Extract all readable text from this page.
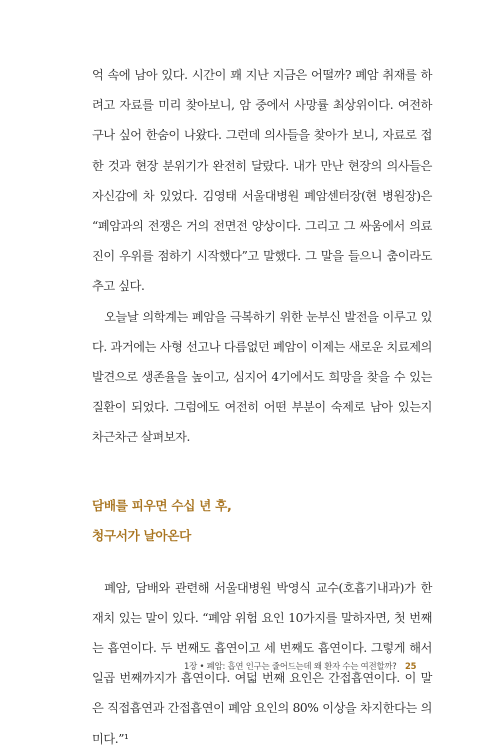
억 속에 남아 있다. 시간이 꽤 지난 지금은 어떨까? 폐암 취재를 하려고 자료를 미리 찾아보니, 암 중에서 사망률 최상위이다. 여전하구나 싶어 한숨이 나왔다. 그런데 의사들을 찾아가 보니, 자료로 접한 것과 현장 분위기가 완전히 달랐다. 내가 만난 현장의 의사들은 자신감에 차 있었다. 김영태 서울대병원 폐암센터장(현 병원장)은 “폐암과의 전쟁은 거의 전면전 양상이다. 그리고 그 싸움에서 의료진이 우위를 점하기 시작했다”고 말했다. 그 말을 들으니 춤이라도 추고 싶다.

오늘날 의학계는 폐암을 극복하기 위한 눈부신 발전을 이루고 있다. 과거에는 사형 선고나 다름없던 폐암이 이제는 새로운 치료제의 발견으로 생존율을 높이고, 심지어 4기에서도 희망을 찾을 수 있는 질환이 되었다. 그럼에도 여전히 어떤 부분이 숙제로 남아 있는지 차근차근 살펴보자.

담배를 피우면 수십 년 후,
청구서가 날아온다

폐암, 담배와 관련해 서울대병원 박영식 교수(호흡기내과)가 한 재치 있는 말이 있다. “폐암 위험 요인 10가지를 말하자면, 첫 번째는 흡연이다. 두 번째도 흡연이고 세 번째도 흡연이다. 그렇게 해서 일곱 번째까지가 흡연이다. 여덟 번째 요인은 간접흡연이다. 이 말은 직접흡연과 간접흡연이 폐암 요인의 80% 이상을 차지한다는 의미다.”¹

1장 • 폐암: 흡연 인구는 줄어드는데 왜 환자 수는 여전할까? 25
